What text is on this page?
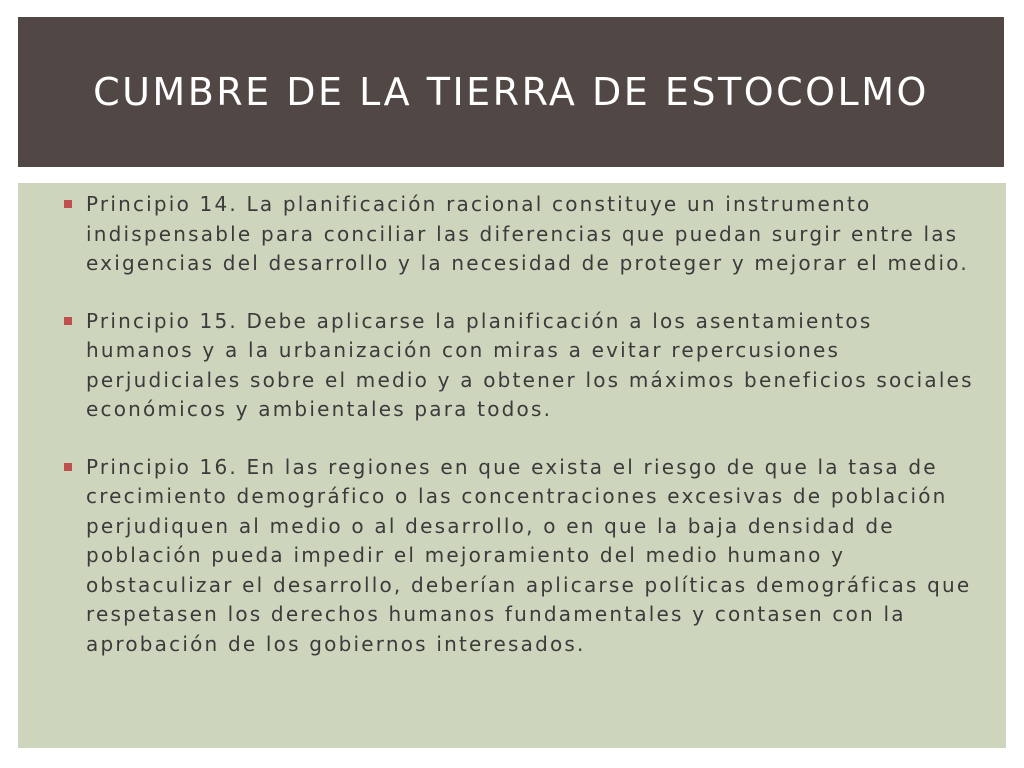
CUMBRE DE LA TIERRA DE ESTOCOLMO
Principio 14. La planificación racional constituye un instrumento indispensable para conciliar las diferencias que puedan surgir entre las exigencias del desarrollo y la necesidad de proteger y mejorar el medio.
Principio 15. Debe aplicarse la planificación a los asentamientos humanos y a la urbanización con miras a evitar repercusiones perjudiciales sobre el medio y a obtener los máximos beneficios sociales económicos y ambientales para todos.
Principio 16. En las regiones en que exista el riesgo de que la tasa de crecimiento demográfico o las concentraciones excesivas de población perjudiquen al medio o al desarrollo, o en que la baja densidad de población pueda impedir el mejoramiento del medio humano y obstaculizar el desarrollo, deberían aplicarse políticas demográficas que respetasen los derechos humanos fundamentales y contasen con la aprobación de los gobiernos interesados.
